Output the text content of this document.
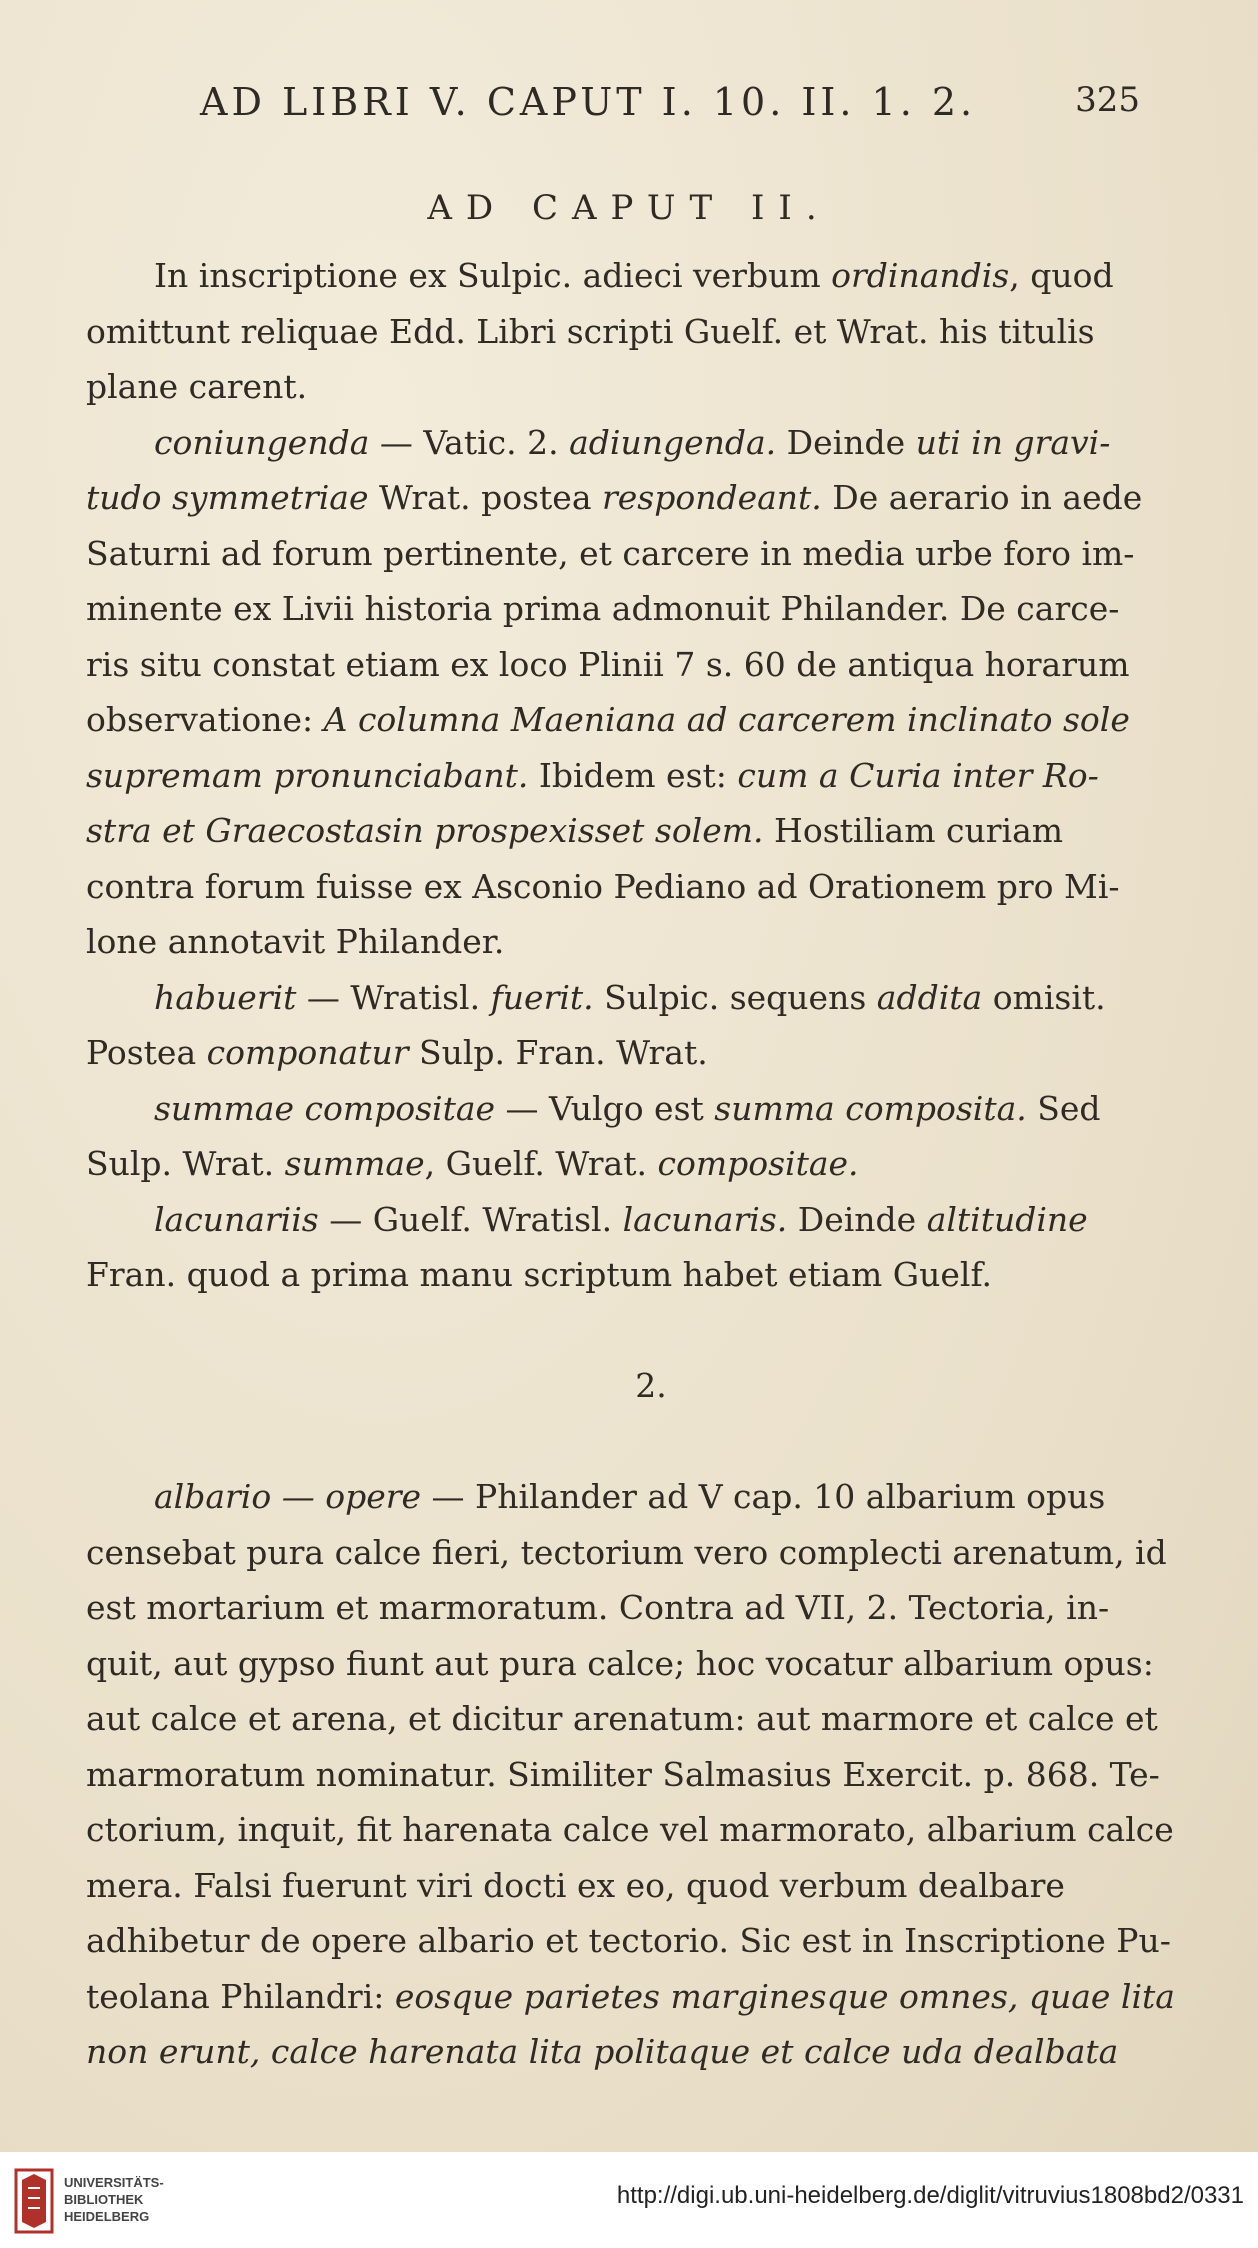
AD LIBRI V. CAPUT I. 10. II. 1. 2.	325
AD CAPUT II.
In inscriptione ex Sulpic. adieci verbum ordinandis, quod
omittunt reliquae Edd. Libri scripti Guelf. et Wrat. his titulis
plane carent.
coniungenda — Vatic. 2. adiungenda. Deinde uti in gravi-
tudo symmetriae Wrat. postea respondeant. De aerario in aede
Saturni ad forum pertinente, et carcere in media urbe foro im-
minente ex Livii historia prima admonuit Philander. De carce-
ris situ constat etiam ex loco Plinii 7 s. 60 de antiqua horarum
observatione: A columna Maeniana ad carcerem inclinato sole
supremam pronunciabant. Ibidem est: cum a Curia inter Ro-
stra et Graecostasin prospexisset solem. Hostiliam curiam
contra forum fuisse ex Asconio Pediano ad Orationem pro Mi-
lone annotavit Philander.
habuerit — Wratisl. fuerit. Sulpic. sequens addita omisit.
Postea componatur Sulp. Fran. Wrat.
summae compositae — Vulgo est summa composita. Sed
Sulp. Wrat. summae, Guelf. Wrat. compositae.
lacunariis — Guelf. Wratisl. lacunaris. Deinde altitudine
Fran. quod a prima manu scriptum habet etiam Guelf.
2.
albario — opere — Philander ad V cap. 10 albarium opus
censebat pura calce fieri, tectorium vero complecti arenatum, id
est mortarium et marmoratum. Contra ad VII, 2. Tectoria, in-
quit, aut gypso fiunt aut pura calce; hoc vocatur albarium opus:
aut calce et arena, et dicitur arenatum: aut marmore et calce et
marmoratum nominatur. Similiter Salmasius Exercit. p. 868. Te-
ctorium, inquit, fit harenata calce vel marmorato, albarium calce
mera. Falsi fuerunt viri docti ex eo, quod verbum dealbare
adhibetur de opere albario et tectorio. Sic est in Inscriptione Pu-
teolana Philandri: eosque parietes marginesque omnes, quae lita
non erunt, calce harenata lita politaque et calce uda dealbata
UNIVERSITÄTS-
BIBLIOTHEK
HEIDELBERG
http://digi.ub.uni-heidelberg.de/diglit/vitruvius1808bd2/0331
